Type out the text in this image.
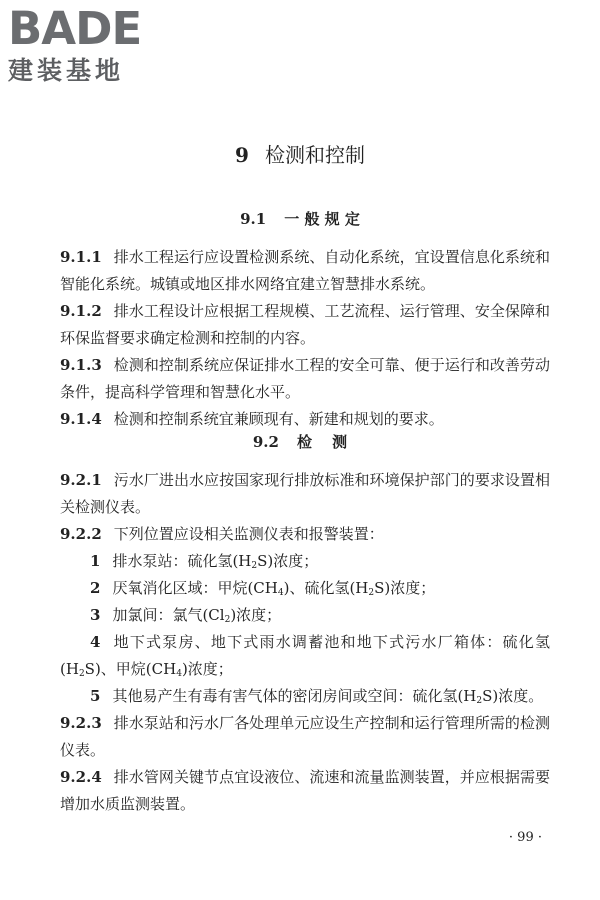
BADE
建装基地
9 检测和控制
9.1 一 般 规 定

9.1.1 排水工程运行应设置检测系统、自动化系统，宜设置信息化系统和智能化系统。城镇或地区排水网络宜建立智慧排水系统。

9.1.2 排水工程设计应根据工程规模、工艺流程、运行管理、安全保障和环保监督要求确定检测和控制的内容。

9.1.3 检测和控制系统应保证排水工程的安全可靠、便于运行和改善劳动条件，提高科学管理和智慧化水平。

9.1.4 检测和控制系统宜兼顾现有、新建和规划的要求。

9.2 检　 测

9.2.1 污水厂进出水应按国家现行排放标准和环境保护部门的要求设置相关检测仪表。

9.2.2 下列位置应设相关监测仪表和报警装置：

1 排水泵站：硫化氢$(H_2S)$浓度；

2 厌氧消化区域：甲烷$(CH_4)$、硫化氢$(H_2S)$浓度；

3 加氯间：氯气$(Cl_2)$浓度；

4 地下式泵房、地下式雨水调蓄池和地下式污水厂箱体：硫化氢$(H_2S)$、甲烷$(CH_4)$浓度；

5 其他易产生有毒有害气体的密闭房间或空间：硫化氢$(H_2S)$浓度。

9.2.3 排水泵站和污水厂各处理单元应设生产控制和运行管理所需的检测仪表。

9.2.4 排水管网关键节点宜设液位、流速和流量监测装置，并应根据需要增加水质监测装置。

· 99 ·
